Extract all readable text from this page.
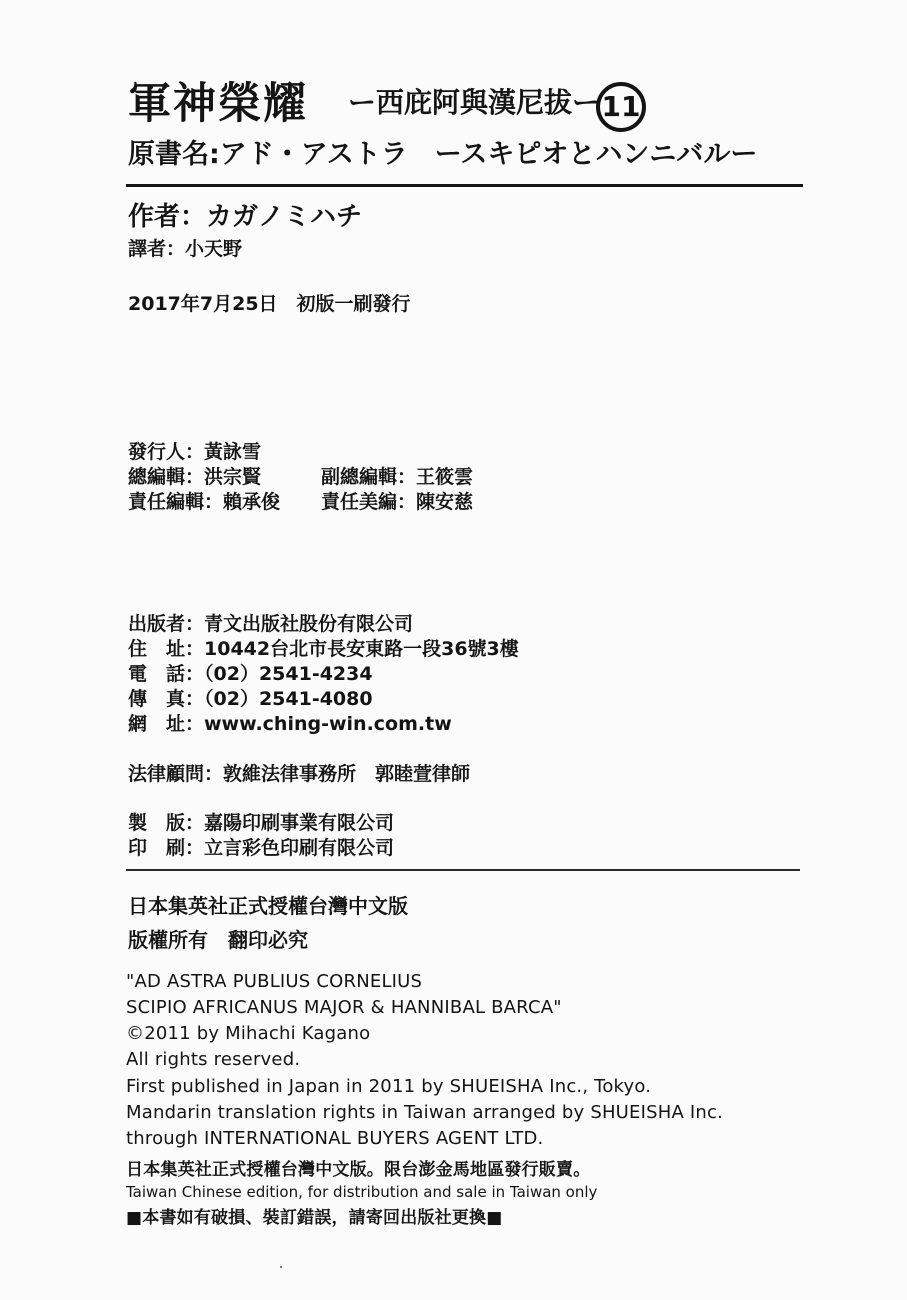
軍神榮耀 ー西庇阿與漢尼拔ー 11
原書名:アド・アストラ　ースキピオとハンニバルー
作者：カガノミハチ
譯者：小天野
2017年7月25日　初版一刷發行
發行人：黃詠雪
總編輯：洪宗賢	副總編輯：王筱雲
責任編輯：賴承俊 責任美編：陳安慈
出版者：青文出版社股份有限公司
住　址：10442台北市長安東路一段36號3樓
電　話：（02）2541-4234
傳　真：（02）2541-4080
網　址：www.ching-win.com.tw
法律顧問：敦維法律事務所　郭睦萱律師
製　版：嘉陽印刷事業有限公司
印　刷：立言彩色印刷有限公司
日本集英社正式授權台灣中文版
版權所有　翻印必究
"AD ASTRA PUBLIUS CORNELIUS
SCIPIO AFRICANUS MAJOR & HANNIBAL BARCA"
©2011 by Mihachi Kagano
All rights reserved.
First published in Japan in 2011 by SHUEISHA Inc., Tokyo.
Mandarin translation rights in Taiwan arranged by SHUEISHA Inc.
through INTERNATIONAL BUYERS AGENT LTD.
日本集英社正式授權台灣中文版。限台澎金馬地區發行販賣。
Taiwan Chinese edition, for distribution and sale in Taiwan only
■本書如有破損、裝訂錯誤，請寄回出版社更換■
